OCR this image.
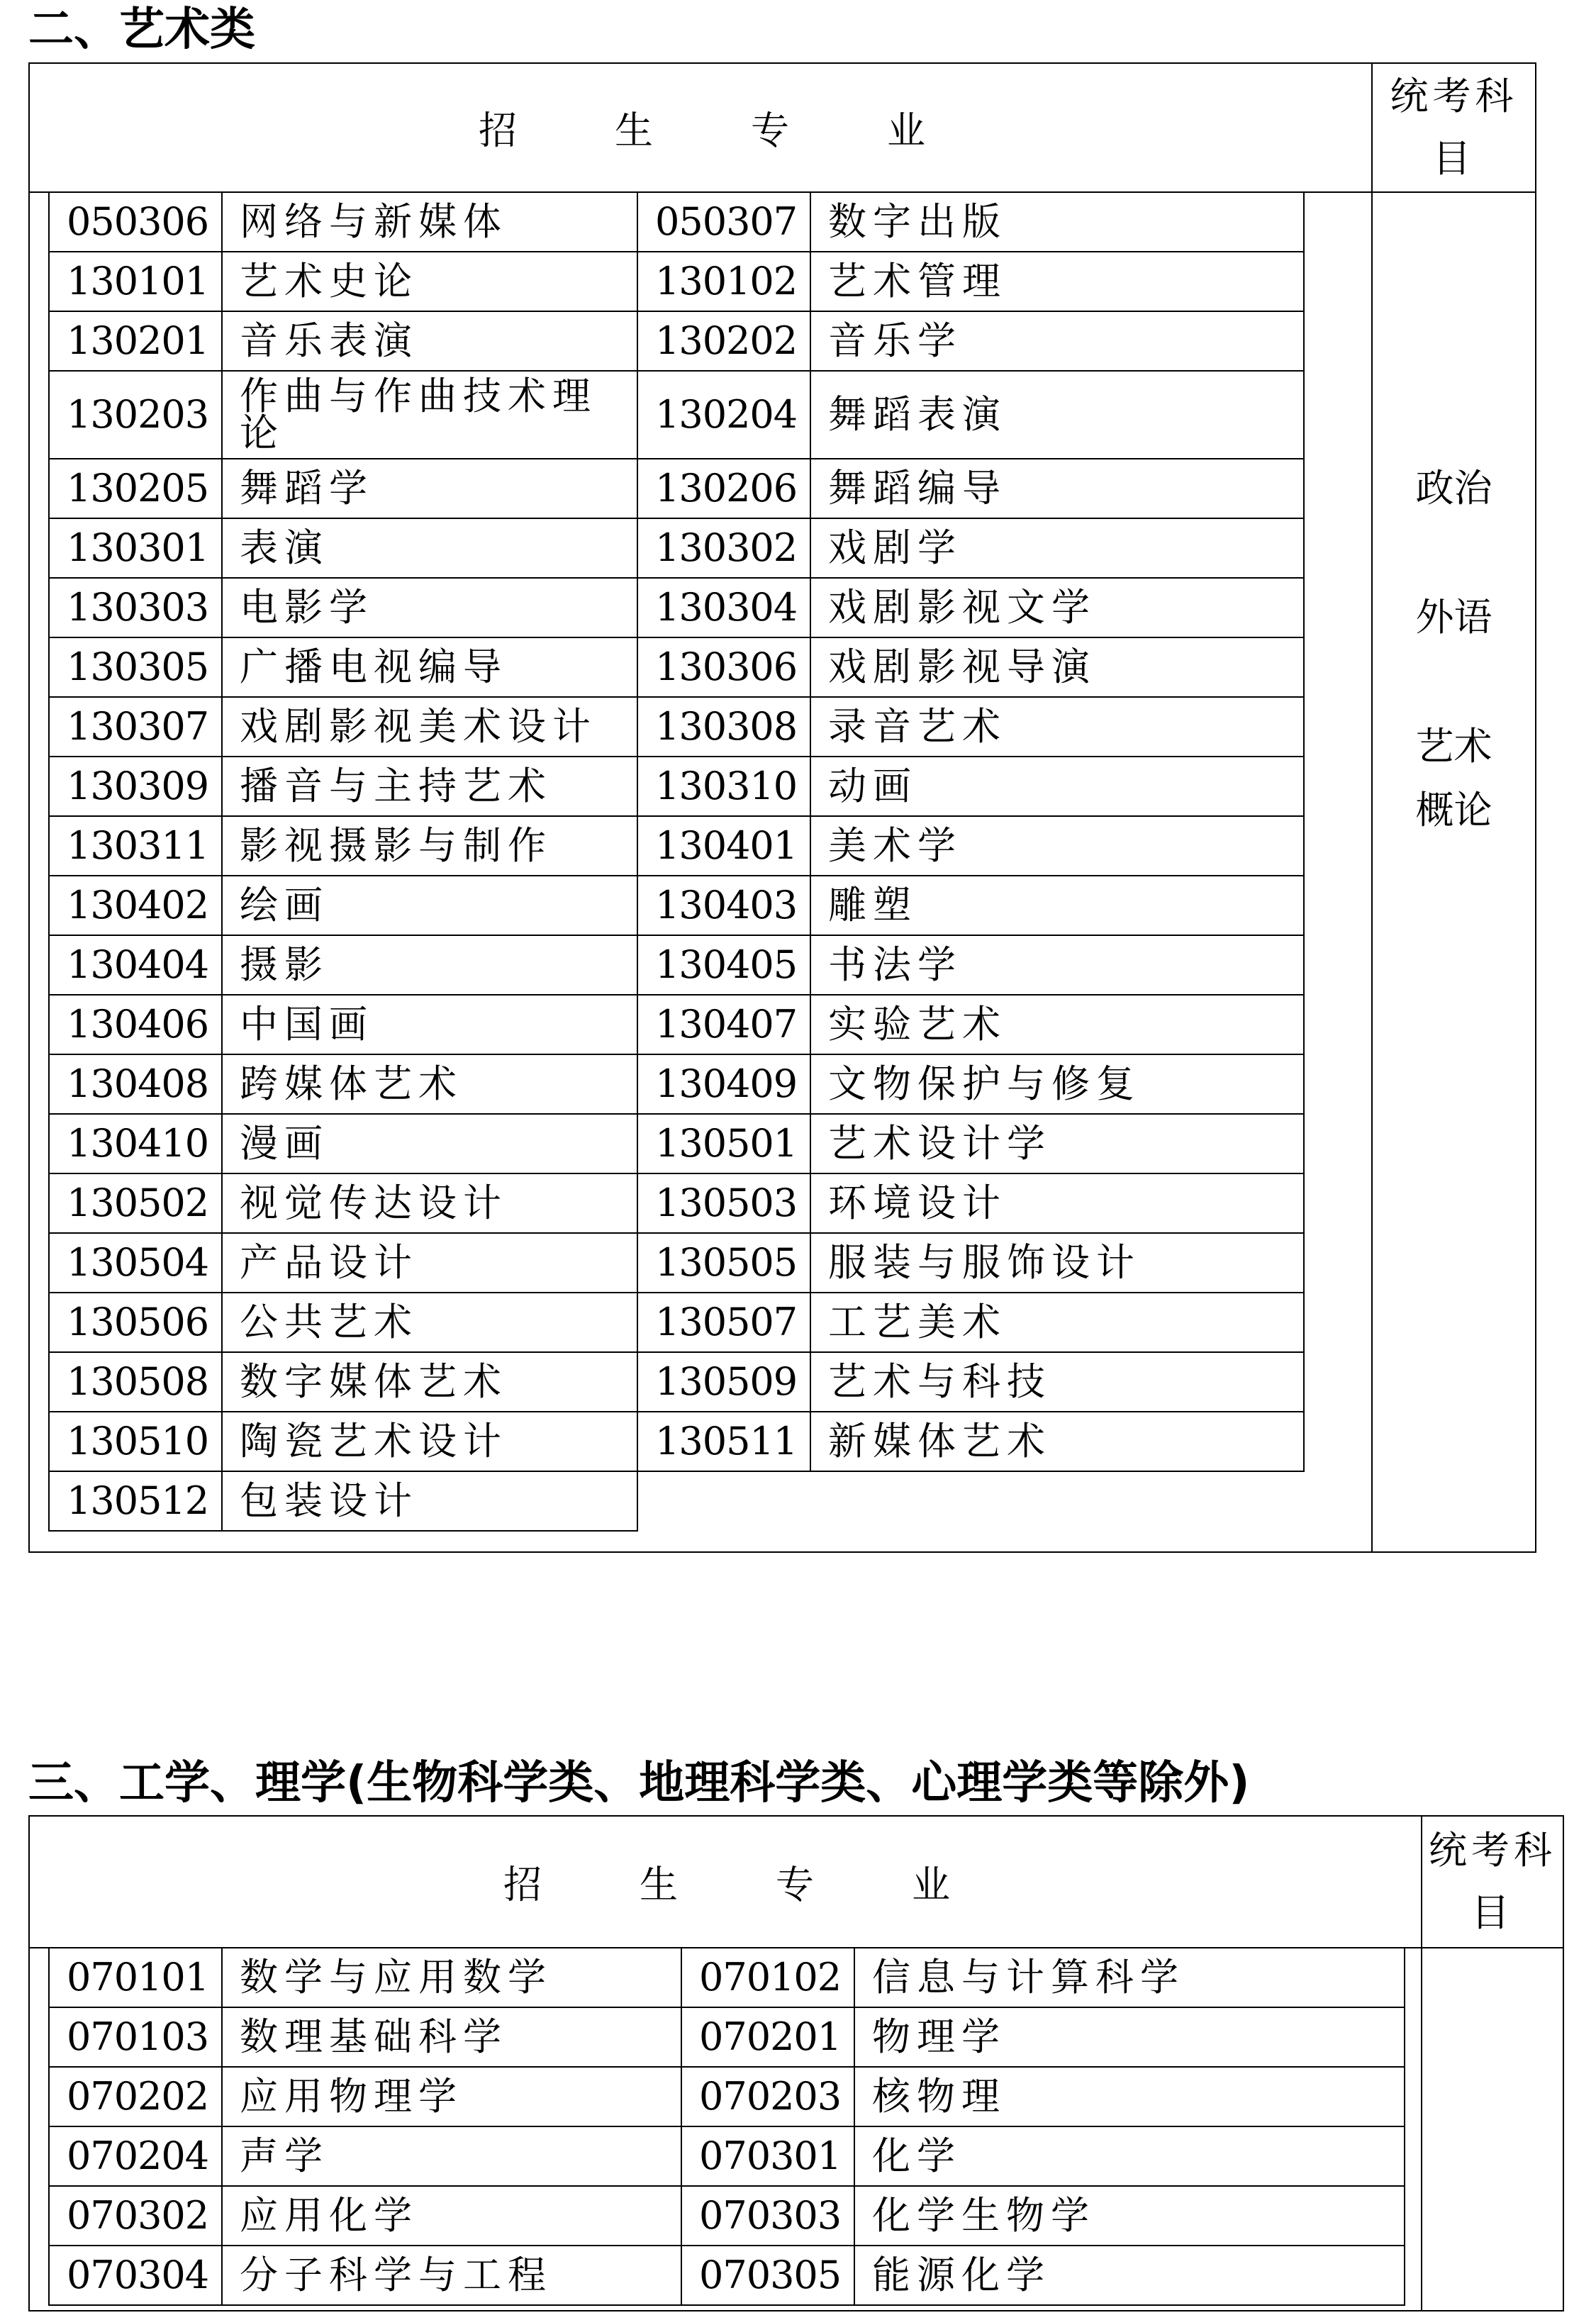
二、艺术类
招生专业
统考科目
政治
外语
艺术
概论
050306	网络与新媒体	050307	数字出版
130101	艺术史论	130102	艺术管理
130201	音乐表演	130202	音乐学
130203	作曲与作曲技术理论	130204	舞蹈表演
130205	舞蹈学	130206	舞蹈编导
130301	表演	130302	戏剧学
130303	电影学	130304	戏剧影视文学
130305	广播电视编导	130306	戏剧影视导演
130307	戏剧影视美术设计	130308	录音艺术
130309	播音与主持艺术	130310	动画
130311	影视摄影与制作	130401	美术学
130402	绘画	130403	雕塑
130404	摄影	130405	书法学
130406	中国画	130407	实验艺术
130408	跨媒体艺术	130409	文物保护与修复
130410	漫画	130501	艺术设计学
130502	视觉传达设计	130503	环境设计
130504	产品设计	130505	服装与服饰设计
130506	公共艺术	130507	工艺美术
130508	数字媒体艺术	130509	艺术与科技
130510	陶瓷艺术设计	130511	新媒体艺术
130512	包装设计		
三、工学、理学(生物科学类、地理科学类、心理学类等除外)
招生专业
统考科目
070101	数学与应用数学	070102	信息与计算科学
070103	数理基础科学	070201	物理学
070202	应用物理学	070203	核物理
070204	声学	070301	化学
070302	应用化学	070303	化学生物学
070304	分子科学与工程	070305	能源化学
